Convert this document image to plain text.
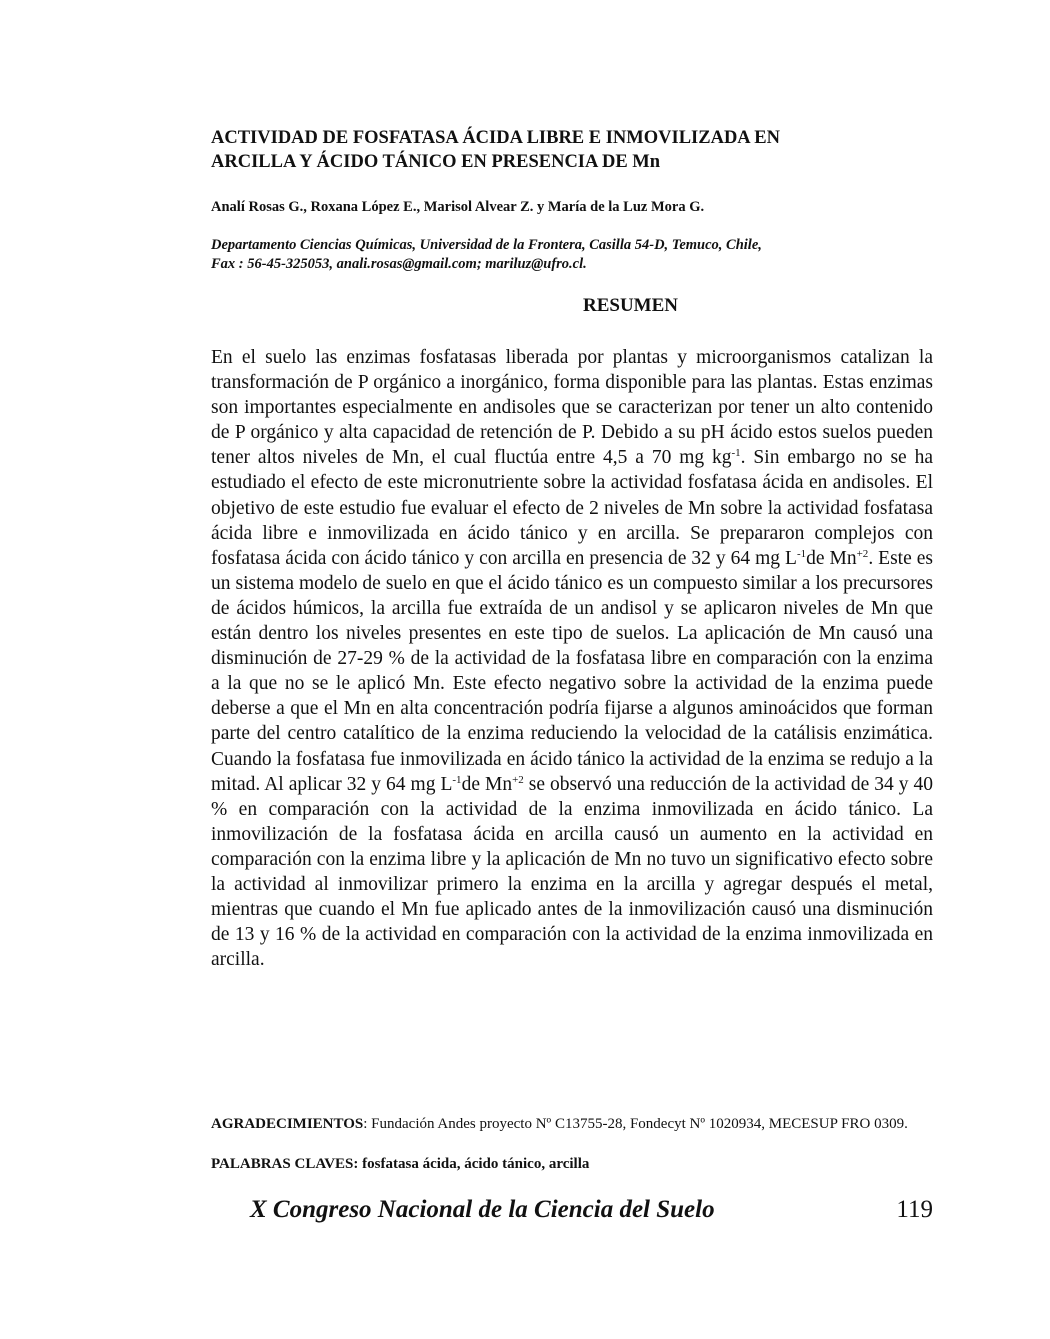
ACTIVIDAD DE FOSFATASA ÁCIDA LIBRE E INMOVILIZADA EN
ARCILLA Y ÁCIDO TÁNICO EN PRESENCIA DE Mn

Analí Rosas G., Roxana López E., Marisol Alvear Z. y María de la Luz Mora G.

Departamento Ciencias Químicas, Universidad de la Frontera, Casilla 54-D, Temuco, Chile,
Fax : 56-45-325053, anali.rosas@gmail.com; mariluz@ufro.cl.

RESUMEN

En el suelo las enzimas fosfatasas liberada por plantas y microorganismos catalizan la transformación de P orgánico a inorgánico, forma disponible para las plantas. Estas enzimas son importantes especialmente en andisoles que se caracterizan por tener un alto contenido de P orgánico y alta capacidad de retención de P. Debido a su pH ácido estos suelos pueden tener altos niveles de Mn, el cual fluctúa entre 4,5 a 70 mg $kg^{-1}$. Sin embargo no se ha estudiado el efecto de este micronutriente sobre la actividad fosfatasa ácida en andisoles. El objetivo de este estudio fue evaluar el efecto de 2 niveles de Mn sobre la actividad fosfatasa ácida libre e inmovilizada en ácido tánico y en arcilla. Se prepararon complejos con fosfatasa ácida con ácido tánico y con arcilla en presencia de 32 y 64 mg $L^{-1}de$ $Mn^{+2}$. Este es un sistema modelo de suelo en que el ácido tánico es un compuesto similar a los precursores de ácidos húmicos, la arcilla fue extraída de un andisol y se aplicaron niveles de Mn que están dentro los niveles presentes en este tipo de suelos. La aplicación de Mn causó una disminución de 27-29 % de la actividad de la fosfatasa libre en comparación con la enzima a la que no se le aplicó Mn. Este efecto negativo sobre la actividad de la enzima puede deberse a que el Mn en alta concentración podría fijarse a algunos aminoácidos que forman parte del centro catalítico de la enzima reduciendo la velocidad de la catálisis enzimática. Cuando la fosfatasa fue inmovilizada en ácido tánico la actividad de la enzima se redujo a la mitad. Al aplicar 32 y 64 mg $L^{-1}de$ $Mn^{+2}$ se observó una reducción de la actividad de 34 y 40 % en comparación con la actividad de la enzima inmovilizada en ácido tánico. La inmovilización de la fosfatasa ácida en arcilla causó un aumento en la actividad en comparación con la enzima libre y la aplicación de Mn no tuvo un significativo efecto sobre la actividad al inmovilizar primero la enzima en la arcilla y agregar después el metal, mientras que cuando el Mn fue aplicado antes de la inmovilización causó una disminución de 13 y 16 % de la actividad en comparación con la actividad de la enzima inmovilizada en arcilla.

AGRADECIMIENTOS: Fundación Andes proyecto Nº C13755-28, Fondecyt Nº 1020934, MECESUP FRO 0309.

PALABRAS CLAVES: fosfatasa ácida, ácido tánico, arcilla

X Congreso Nacional de la Ciencia del Suelo	119
